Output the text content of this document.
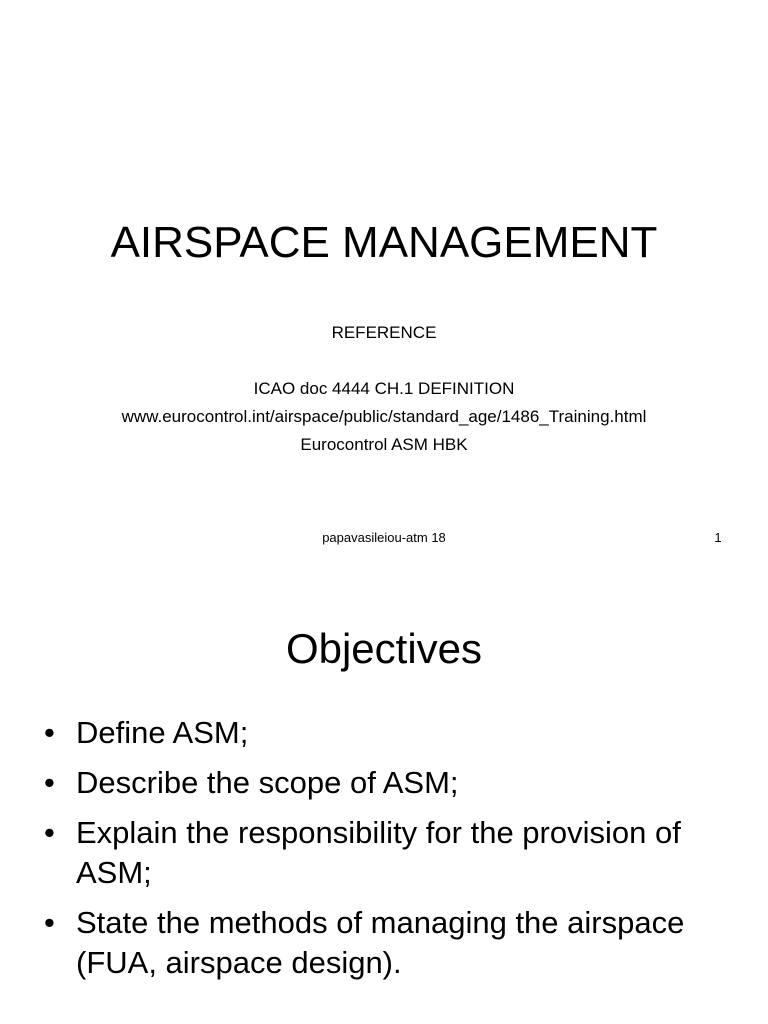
AIRSPACE MANAGEMENT
REFERENCE
ICAO doc 4444 CH.1 DEFINITION
www.eurocontrol.int/airspace/public/standard_age/1486_Training.html
Eurocontrol ASM HBK
papavasileiou-atm 18	1
Objectives
• Define ASM;
• Describe the scope of ASM;
• Explain the responsibility for the provision of ASM;
• State the methods of managing the airspace (FUA, airspace design).
